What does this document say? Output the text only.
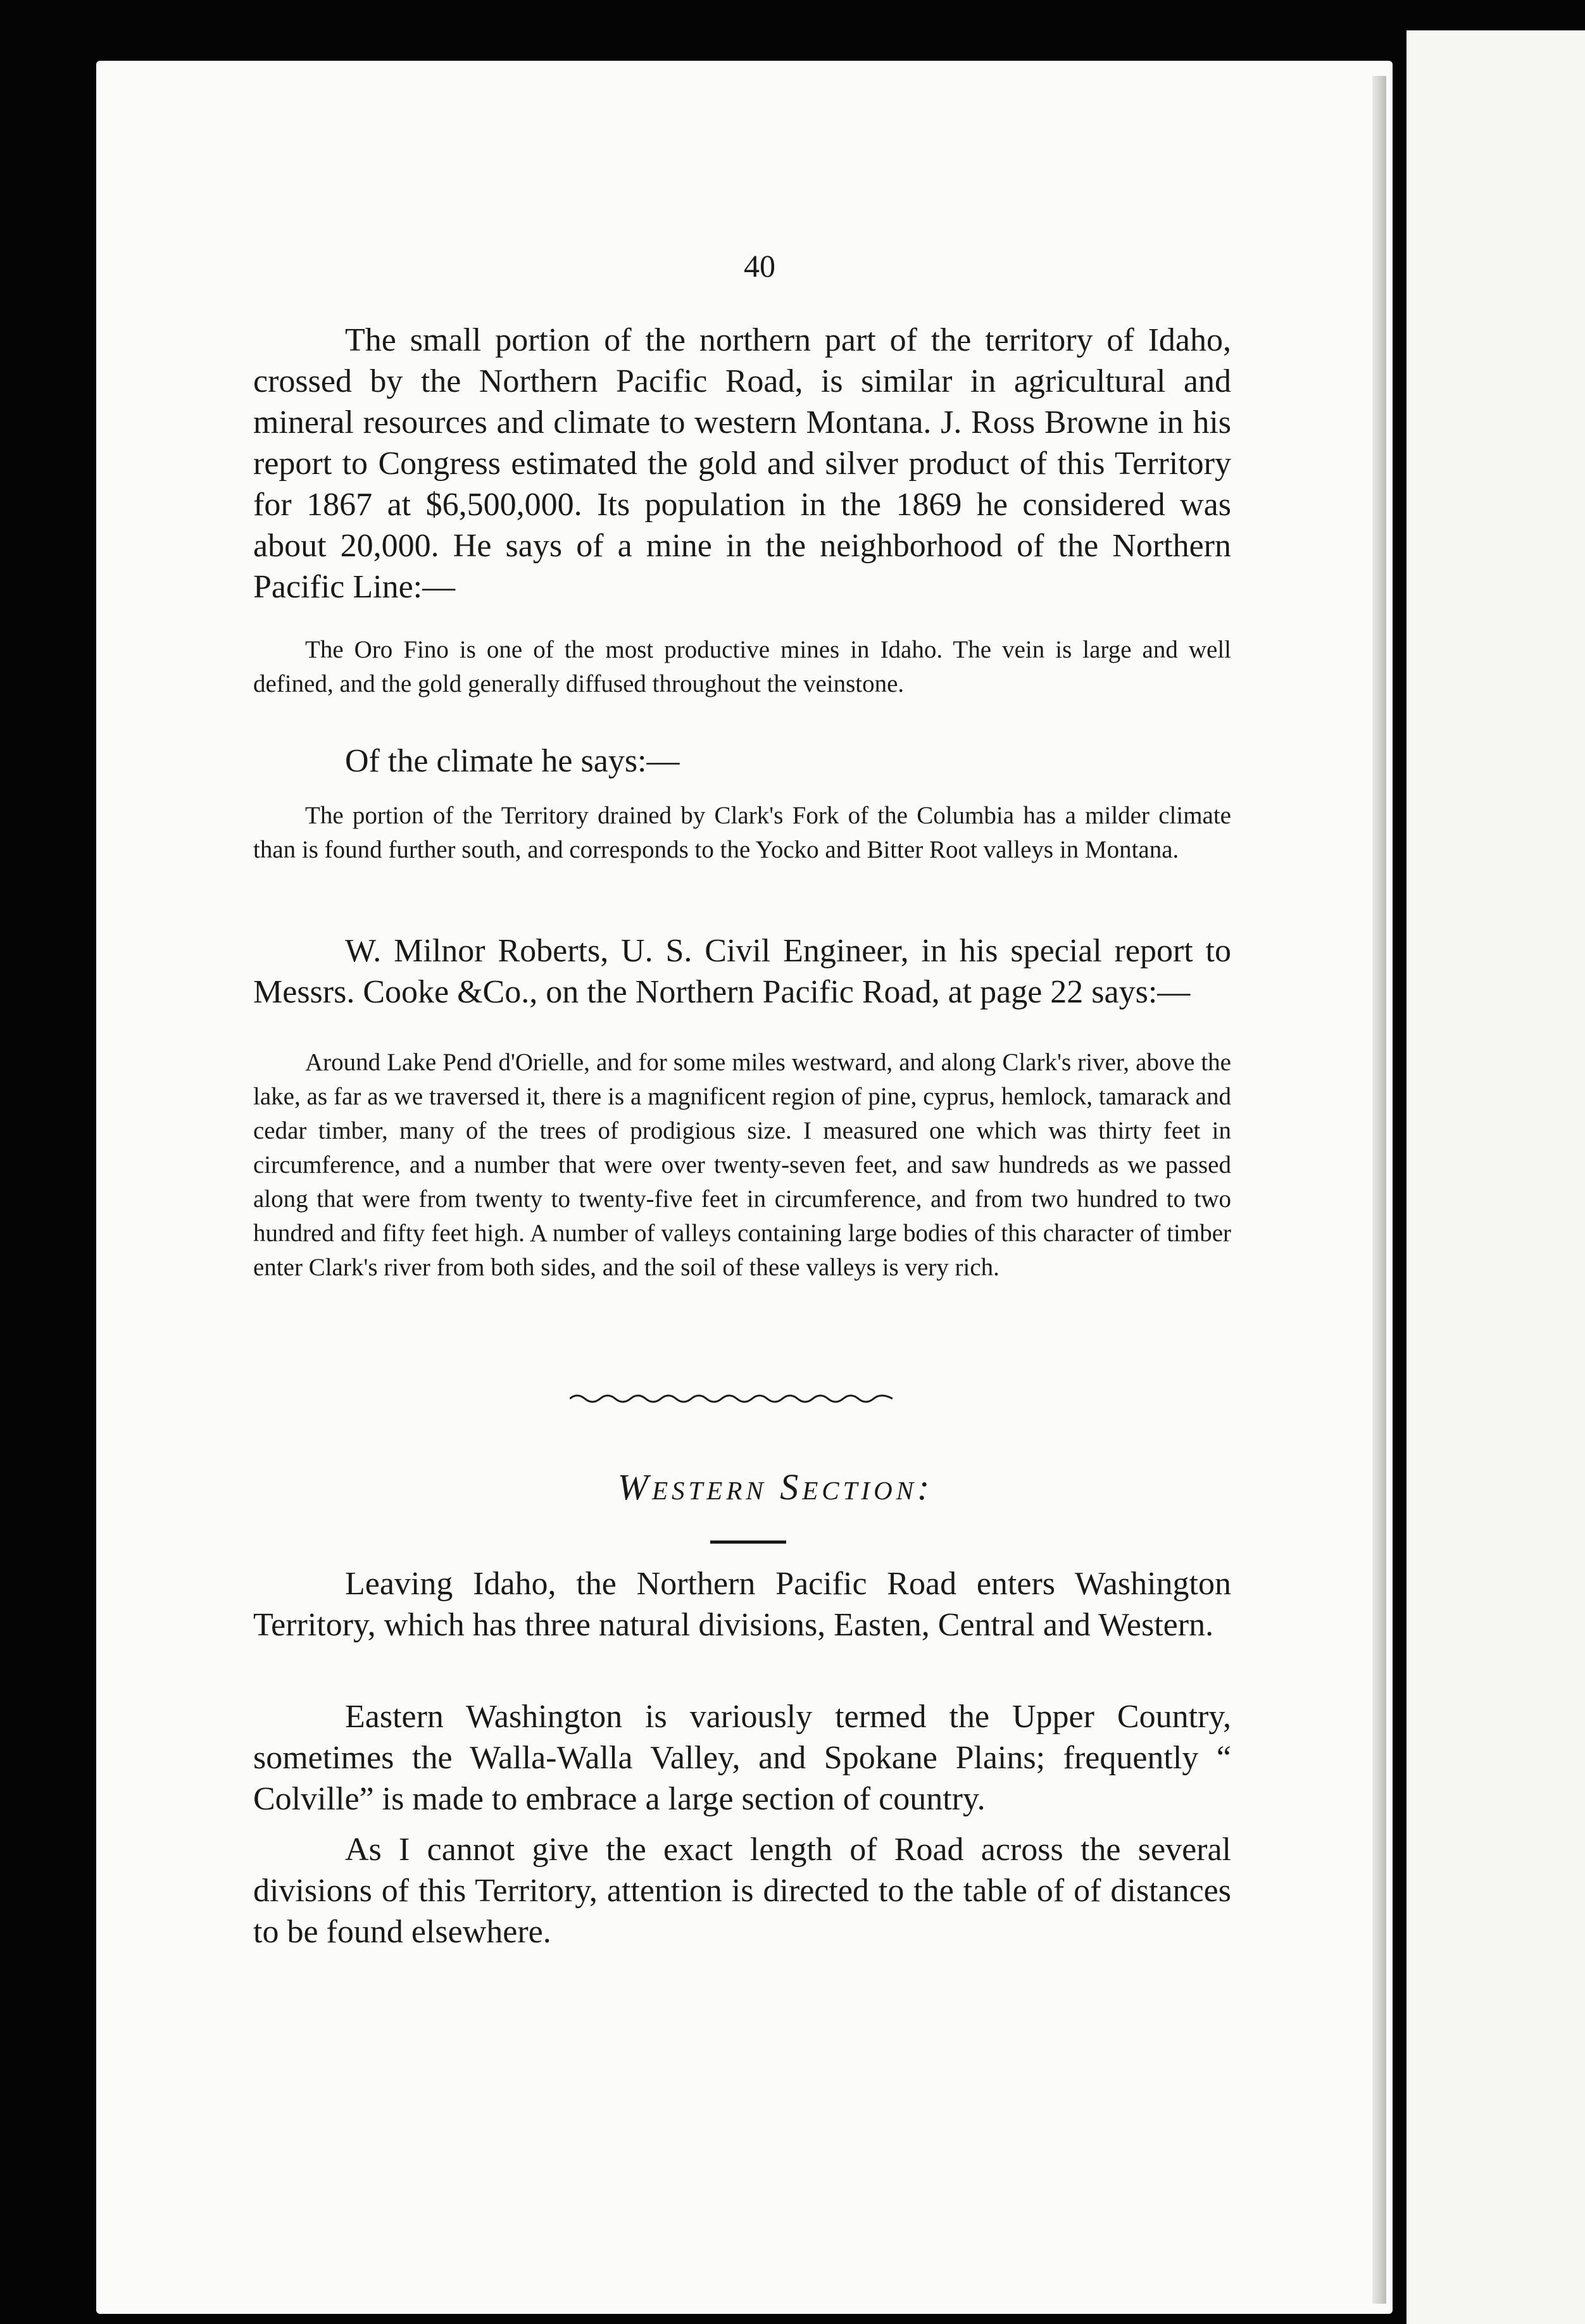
40

The small portion of the northern part of the territory of Idaho, crossed by the Northern Pacific Road, is similar in agricultural and mineral resources and climate to western Montana. J. Ross Browne in his report to Congress estimated the gold and silver product of this Territory for 1867 at $6,500,000. Its population in the 1869 he considered was about 20,000. He says of a mine in the neighborhood of the Northern Pacific Line:—

The Oro Fino is one of the most productive mines in Idaho. The vein is large and well defined, and the gold generally diffused throughout the veinstone.

Of the climate he says:—

The portion of the Territory drained by Clark's Fork of the Columbia has a milder climate than is found further south, and corresponds to the Yocko and Bitter Root valleys in Montana.

W. Milnor Roberts, U. S. Civil Engineer, in his special report to Messrs. Cooke &Co., on the Northern Pacific Road, at page 22 says:—

Around Lake Pend d'Orielle, and for some miles westward, and along Clark's river, above the lake, as far as we traversed it, there is a magnificent region of pine, cyprus, hemlock, tamarack and cedar timber, many of the trees of prodigious size. I measured one which was thirty feet in circumference, and a number that were over twenty-seven feet, and saw hundreds as we passed along that were from twenty to twenty-five feet in circumference, and from two hundred to two hundred and fifty feet high. A number of valleys containing large bodies of this character of timber enter Clark's river from both sides, and the soil of these valleys is very rich.

Western Section:

Leaving Idaho, the Northern Pacific Road enters Washington Territory, which has three natural divisions, Easten, Central and Western.

Eastern Washington is variously termed the Upper Country, sometimes the Walla-Walla Valley, and Spokane Plains; frequently “ Colville” is made to embrace a large section of country.

As I cannot give the exact length of Road across the several divisions of this Territory, attention is directed to the table of of distances to be found elsewhere.
